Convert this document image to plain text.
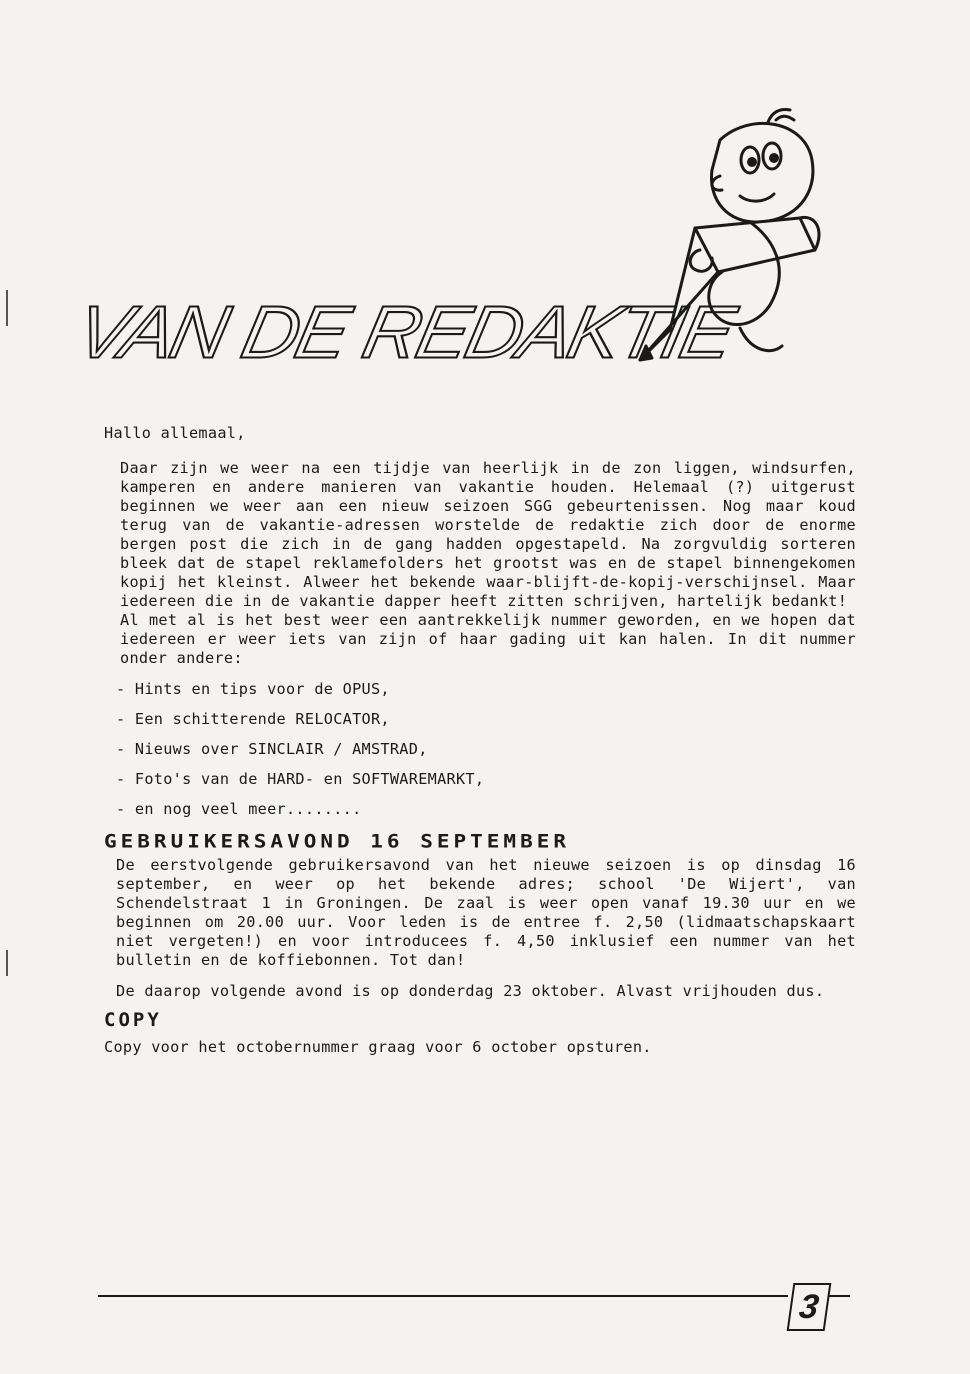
VAN DE REDAKTIE

Hallo allemaal,

Daar zijn we weer na een tijdje van heerlijk in de zon liggen, windsurfen, kamperen en andere manieren van vakantie houden. Helemaal (?) uitgerust beginnen we weer aan een nieuw seizoen SGG gebeurtenissen. Nog maar koud terug van de vakantie-adressen worstelde de redaktie zich door de enorme bergen post die zich in de gang hadden opgestapeld. Na zorgvuldig sorteren bleek dat de stapel reklamefolders het grootst was en de stapel binnengekomen kopij het kleinst. Alweer het bekende waar-blijft-de-kopij-verschijnsel. Maar iedereen die in de vakantie dapper heeft zitten schrijven, hartelijk bedankt!

Al met al is het best weer een aantrekkelijk nummer geworden, en we hopen dat iedereen er weer iets van zijn of haar gading uit kan halen. In dit nummer onder andere:

- Hints en tips voor de OPUS,
- Een schitterende RELOCATOR,
- Nieuws over SINCLAIR / AMSTRAD,
- Foto's van de HARD- en SOFTWAREMARKT,
- en nog veel meer........
GEBRUIKERSAVOND 16 SEPTEMBER

De eerstvolgende gebruikersavond van het nieuwe seizoen is op dinsdag 16 september, en weer op het bekende adres; school 'De Wijert', van Schendelstraat 1 in Groningen. De zaal is weer open vanaf 19.30 uur en we beginnen om 20.00 uur. Voor leden is de entree f. 2,50 (lidmaatschapskaart niet vergeten!) en voor introducees f. 4,50 inklusief een nummer van het bulletin en de koffiebonnen. Tot dan!

De daarop volgende avond is op donderdag 23 oktober. Alvast vrijhouden dus.

COPY

Copy voor het octobernummer graag voor 6 october opsturen.

3
